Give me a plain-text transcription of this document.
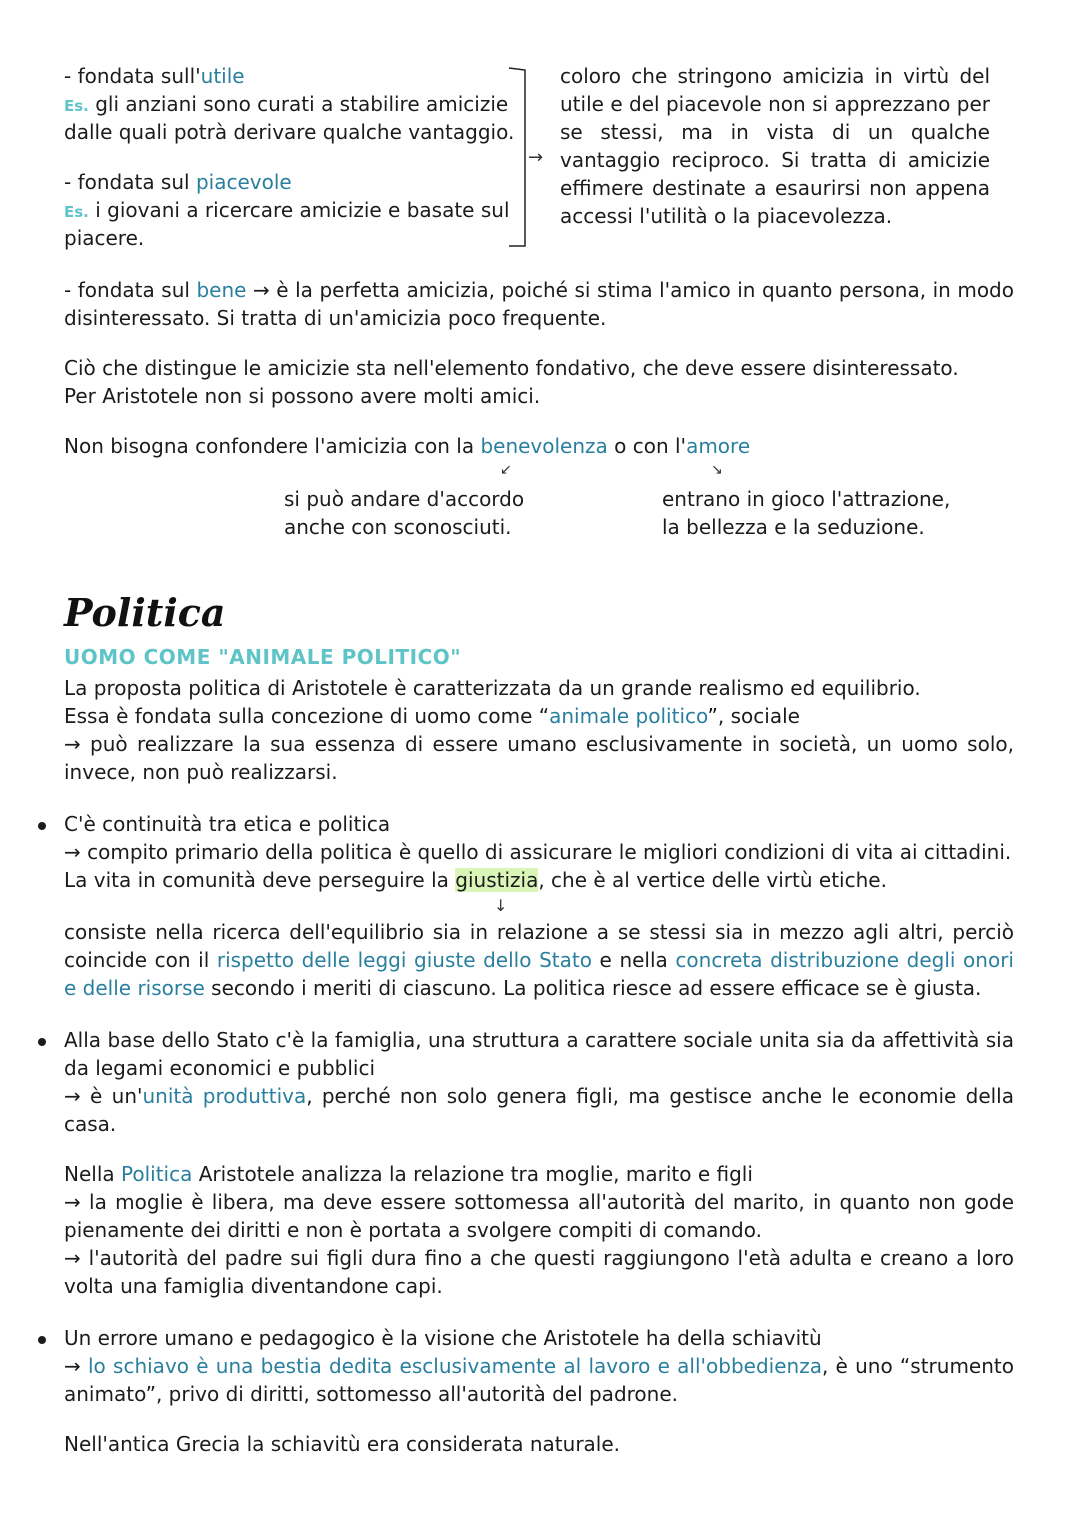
- fondata sull'utile
Es. gli anziani sono curati a stabilire amicizie
dalle quali potrà derivare qualche vantaggio.
- fondata sul piacevole
Es. i giovani a ricercare amicizie e basate sul
piacere.
→
coloro che stringono amicizia in virtù del utile e del piacevole non si apprezzano per se stessi, ma in vista di un qualche vantaggio reciproco. Si tratta di amicizie effimere destinate a esaurirsi non appena accessi l'utilità o la piacevolezza.
- fondata sul bene → è la perfetta amicizia, poiché si stima l'amico in quanto persona, in modo disinteressato. Si tratta di un'amicizia poco frequente.
Ciò che distingue le amicizie sta nell'elemento fondativo, che deve essere disinteressato.
Per Aristotele non si possono avere molti amici.
Non bisogna confondere l'amicizia con la benevolenza o con l'amore
↙	↘
si può andare d'accordo
anche con sconosciuti.
entrano in gioco l'attrazione,
la bellezza e la seduzione.
Politica
UOMO COME "ANIMALE POLITICO"
La proposta politica di Aristotele è caratterizzata da un grande realismo ed equilibrio.
Essa è fondata sulla concezione di uomo come “animale politico”, sociale
→ può realizzare la sua essenza di essere umano esclusivamente in società, un uomo solo, invece, non può realizzarsi.
C'è continuità tra etica e politica
→ compito primario della politica è quello di assicurare le migliori condizioni di vita ai cittadini.
La vita in comunità deve perseguire la giustizia, che è al vertice delle virtù etiche.
↓
consiste nella ricerca dell'equilibrio sia in relazione a se stessi sia in mezzo agli altri, perciò coincide con il rispetto delle leggi giuste dello Stato e nella concreta distribuzione degli onori e delle risorse secondo i meriti di ciascuno. La politica riesce ad essere efficace se è giusta.
Alla base dello Stato c'è la famiglia, una struttura a carattere sociale unita sia da affettività sia da legami economici e pubblici
→ è un'unità produttiva, perché non solo genera figli, ma gestisce anche le economie della casa.
Nella Politica Aristotele analizza la relazione tra moglie, marito e figli
→ la moglie è libera, ma deve essere sottomessa all'autorità del marito, in quanto non gode pienamente dei diritti e non è portata a svolgere compiti di comando.
→ l'autorità del padre sui figli dura fino a che questi raggiungono l'età adulta e creano a loro volta una famiglia diventandone capi.
Un errore umano e pedagogico è la visione che Aristotele ha della schiavitù
→ lo schiavo è una bestia dedita esclusivamente al lavoro e all'obbedienza, è uno “strumento animato”, privo di diritti, sottomesso all'autorità del padrone.
Nell'antica Grecia la schiavitù era considerata naturale.
